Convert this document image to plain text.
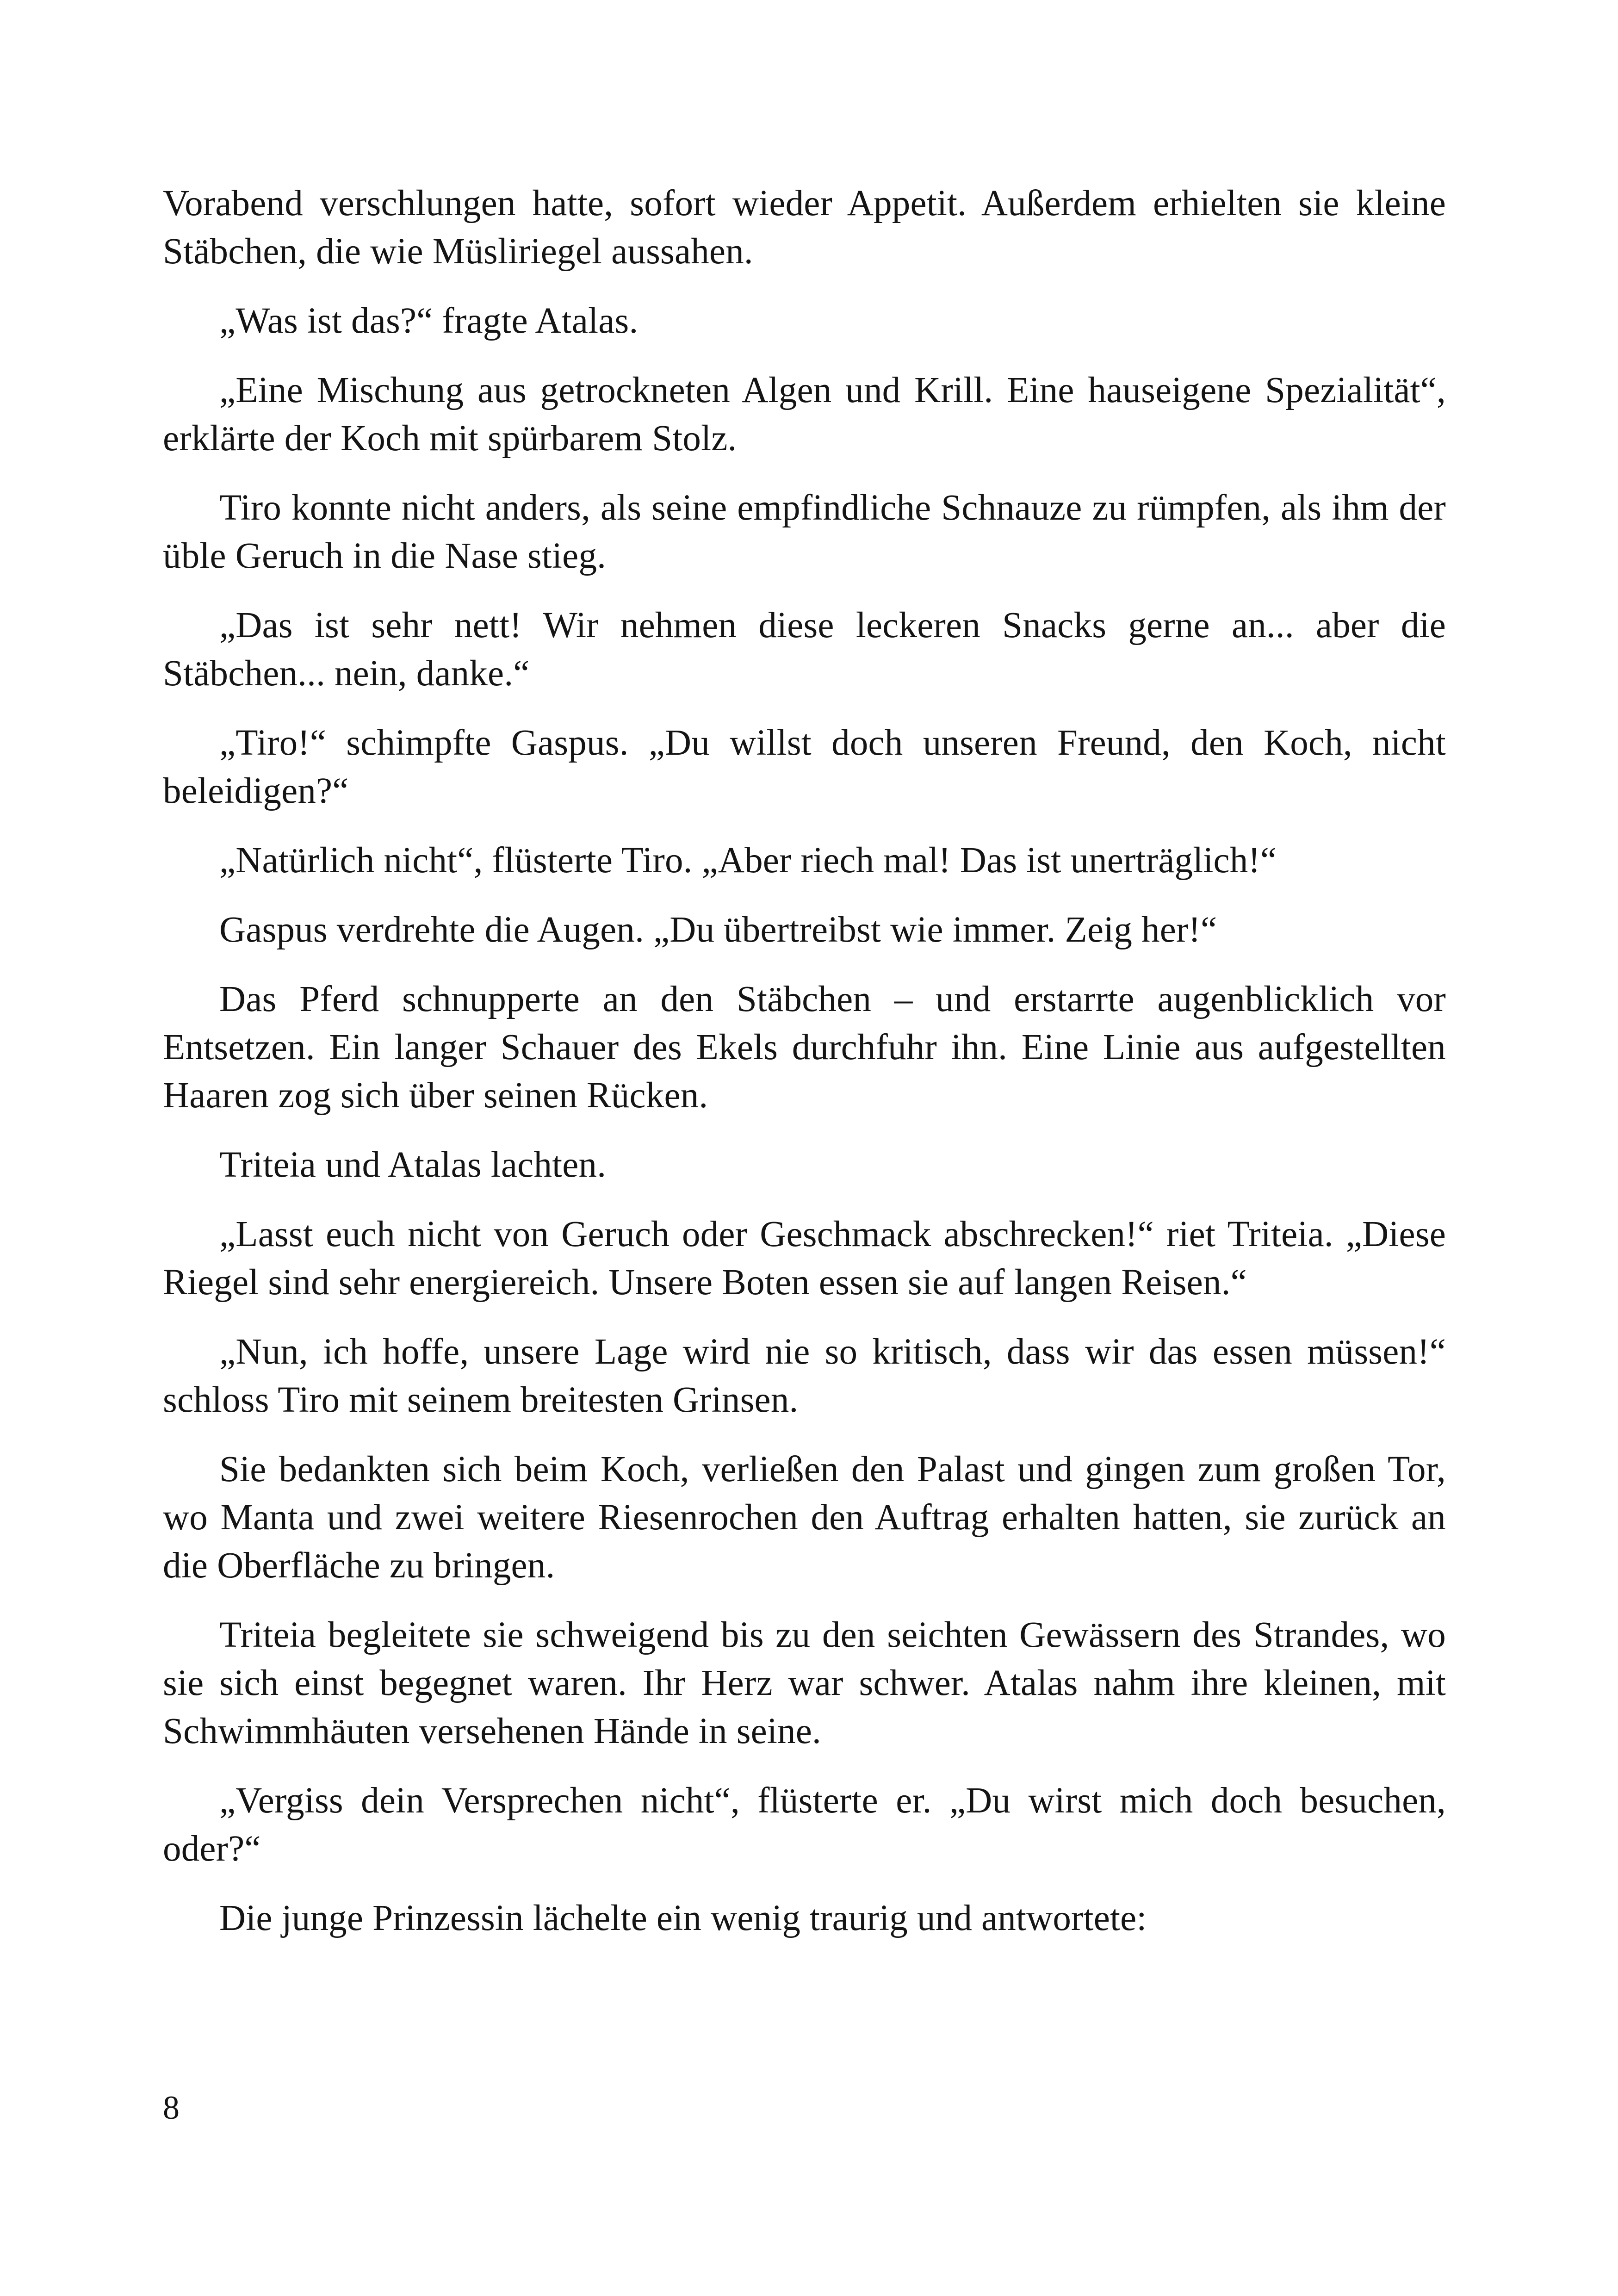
Vorabend verschlungen hatte, sofort wieder Appetit. Außerdem erhielten sie kleine Stäbchen, die wie Müsliriegel aussahen.

„Was ist das?“ fragte Atalas.

„Eine Mischung aus getrockneten Algen und Krill. Eine hauseigene Spezialität“, erklärte der Koch mit spürbarem Stolz.

Tiro konnte nicht anders, als seine empfindliche Schnauze zu rümpfen, als ihm der üble Geruch in die Nase stieg.

„Das ist sehr nett! Wir nehmen diese leckeren Snacks gerne an... aber die Stäbchen... nein, danke.“

„Tiro!“ schimpfte Gaspus. „Du willst doch unseren Freund, den Koch, nicht beleidigen?“

„Natürlich nicht“, flüsterte Tiro. „Aber riech mal! Das ist unerträglich!“

Gaspus verdrehte die Augen. „Du übertreibst wie immer. Zeig her!“

Das Pferd schnupperte an den Stäbchen – und erstarrte augenblicklich vor Entsetzen. Ein langer Schauer des Ekels durchfuhr ihn. Eine Linie aus aufgestellten Haaren zog sich über seinen Rücken.

Triteia und Atalas lachten.

„Lasst euch nicht von Geruch oder Geschmack abschrecken!“ riet Triteia. „Diese Riegel sind sehr energiereich. Unsere Boten essen sie auf langen Reisen.“

„Nun, ich hoffe, unsere Lage wird nie so kritisch, dass wir das essen müssen!“ schloss Tiro mit seinem breitesten Grinsen.

Sie bedankten sich beim Koch, verließen den Palast und gingen zum großen Tor, wo Manta und zwei weitere Riesenrochen den Auftrag erhalten hatten, sie zurück an die Oberfläche zu bringen.

Triteia begleitete sie schweigend bis zu den seichten Gewässern des Strandes, wo sie sich einst begegnet waren. Ihr Herz war schwer. Atalas nahm ihre kleinen, mit Schwimmhäuten versehenen Hände in seine.

„Vergiss dein Versprechen nicht“, flüsterte er. „Du wirst mich doch besuchen, oder?“

Die junge Prinzessin lächelte ein wenig traurig und antwortete:

8
